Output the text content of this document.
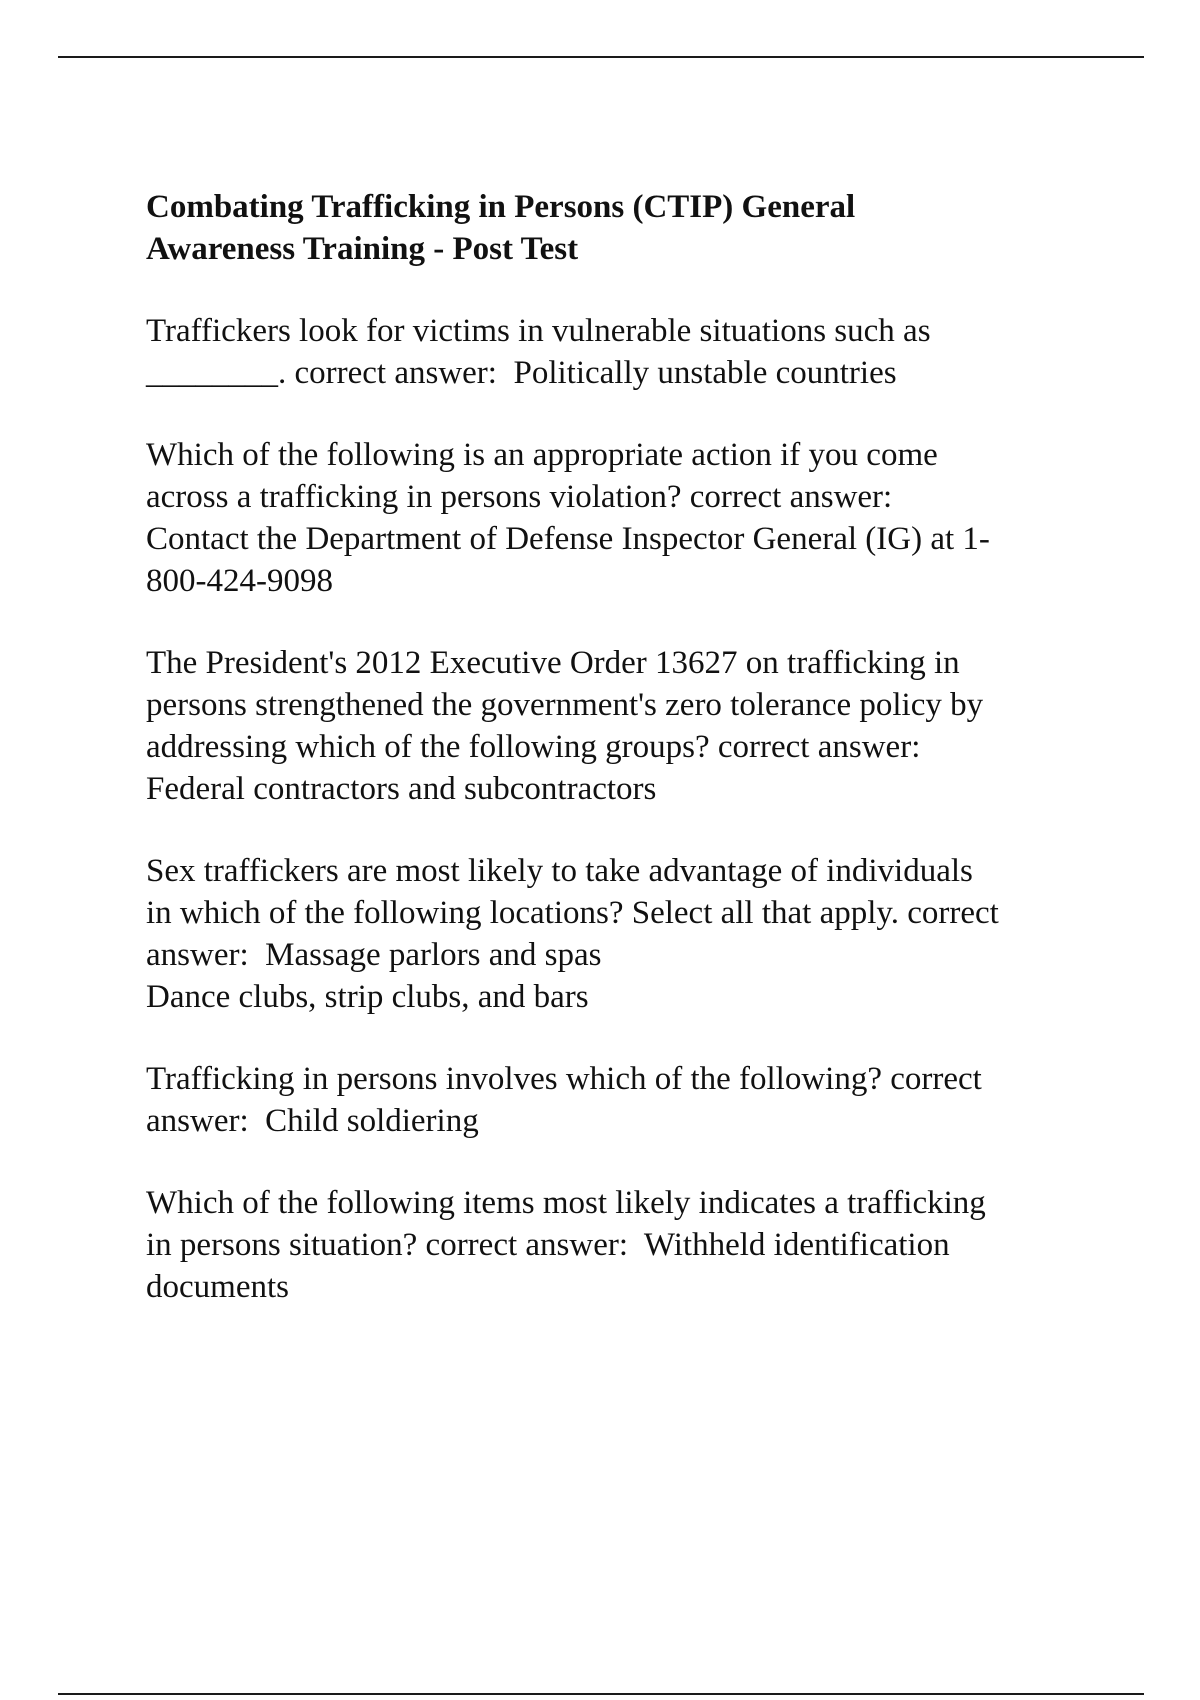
Combating Trafficking in Persons (CTIP) General
Awareness Training - Post Test

Traffickers look for victims in vulnerable situations such as
________. correct answer:  Politically unstable countries

Which of the following is an appropriate action if you come
across a trafficking in persons violation? correct answer:
Contact the Department of Defense Inspector General (IG) at 1-
800-424-9098

The President's 2012 Executive Order 13627 on trafficking in
persons strengthened the government's zero tolerance policy by
addressing which of the following groups? correct answer:
Federal contractors and subcontractors

Sex traffickers are most likely to take advantage of individuals
in which of the following locations? Select all that apply. correct
answer:  Massage parlors and spas
Dance clubs, strip clubs, and bars

Trafficking in persons involves which of the following? correct
answer:  Child soldiering

Which of the following items most likely indicates a trafficking
in persons situation? correct answer:  Withheld identification
documents
